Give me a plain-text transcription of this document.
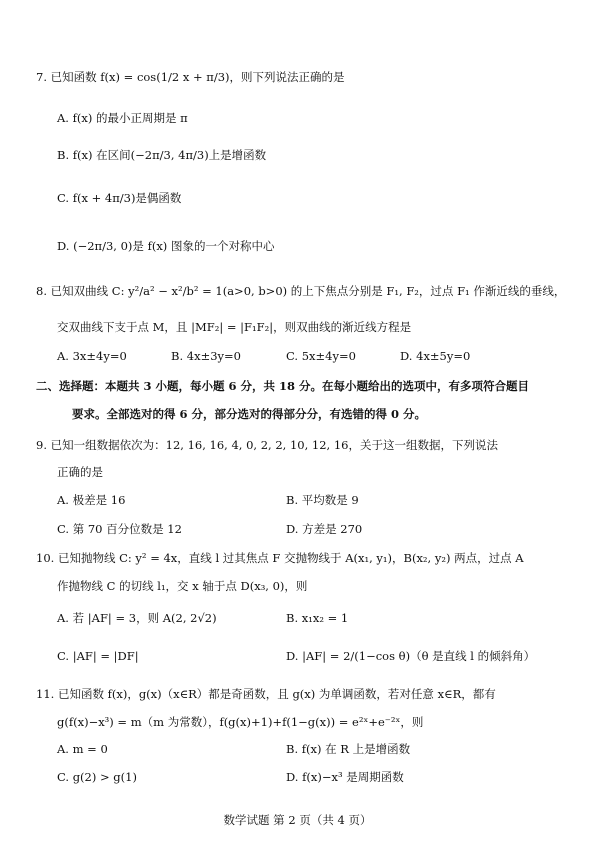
7. 已知函数 f(x) = cos(1/2 x + π/3)，则下列说法正确的是
A. f(x) 的最小正周期是 π
B. f(x) 在区间(−2π/3, 4π/3)上是增函数
C. f(x + 4π/3)是偶函数
D. (−2π/3, 0)是 f(x) 图象的一个对称中心
8. 已知双曲线 C: y²/a² − x²/b² = 1(a>0, b>0) 的上下焦点分别是 F₁, F₂，过点 F₁ 作渐近线的垂线，
交双曲线下支于点 M，且 |MF₂| = |F₁F₂|，则双曲线的渐近线方程是
A. 3x±4y=0	B. 4x±3y=0	C. 5x±4y=0	D. 4x±5y=0
二、选择题：本题共 3 小题，每小题 6 分，共 18 分。在每小题给出的选项中，有多项符合题目
要求。全部选对的得 6 分，部分选对的得部分分，有选错的得 0 分。
9. 已知一组数据依次为：12, 16, 16, 4, 0, 2, 2, 10, 12, 16，关于这一组数据，下列说法
正确的是
A. 极差是 16	B. 平均数是 9
C. 第 70 百分位数是 12	D. 方差是 270
10. 已知抛物线 C: y² = 4x，直线 l 过其焦点 F 交抛物线于 A(x₁, y₁)，B(x₂, y₂) 两点，过点 A
作抛物线 C 的切线 l₁，交 x 轴于点 D(x₃, 0)，则
A. 若 |AF| = 3，则 A(2, 2√2)	B. x₁x₂ = 1
C. |AF| = |DF|	D. |AF| = 2/(1−cos θ)（θ 是直线 l 的倾斜角）
11. 已知函数 f(x)，g(x)（x∈R）都是奇函数，且 g(x) 为单调函数，若对任意 x∈R，都有
g(f(x)−x³) = m（m 为常数），f(g(x)+1)+f(1−g(x)) = e²ˣ+e⁻²ˣ，则
A. m = 0	B. f(x) 在 R 上是增函数
C. g(2) > g(1)	D. f(x)−x³ 是周期函数
数学试题 第 2 页（共 4 页）
